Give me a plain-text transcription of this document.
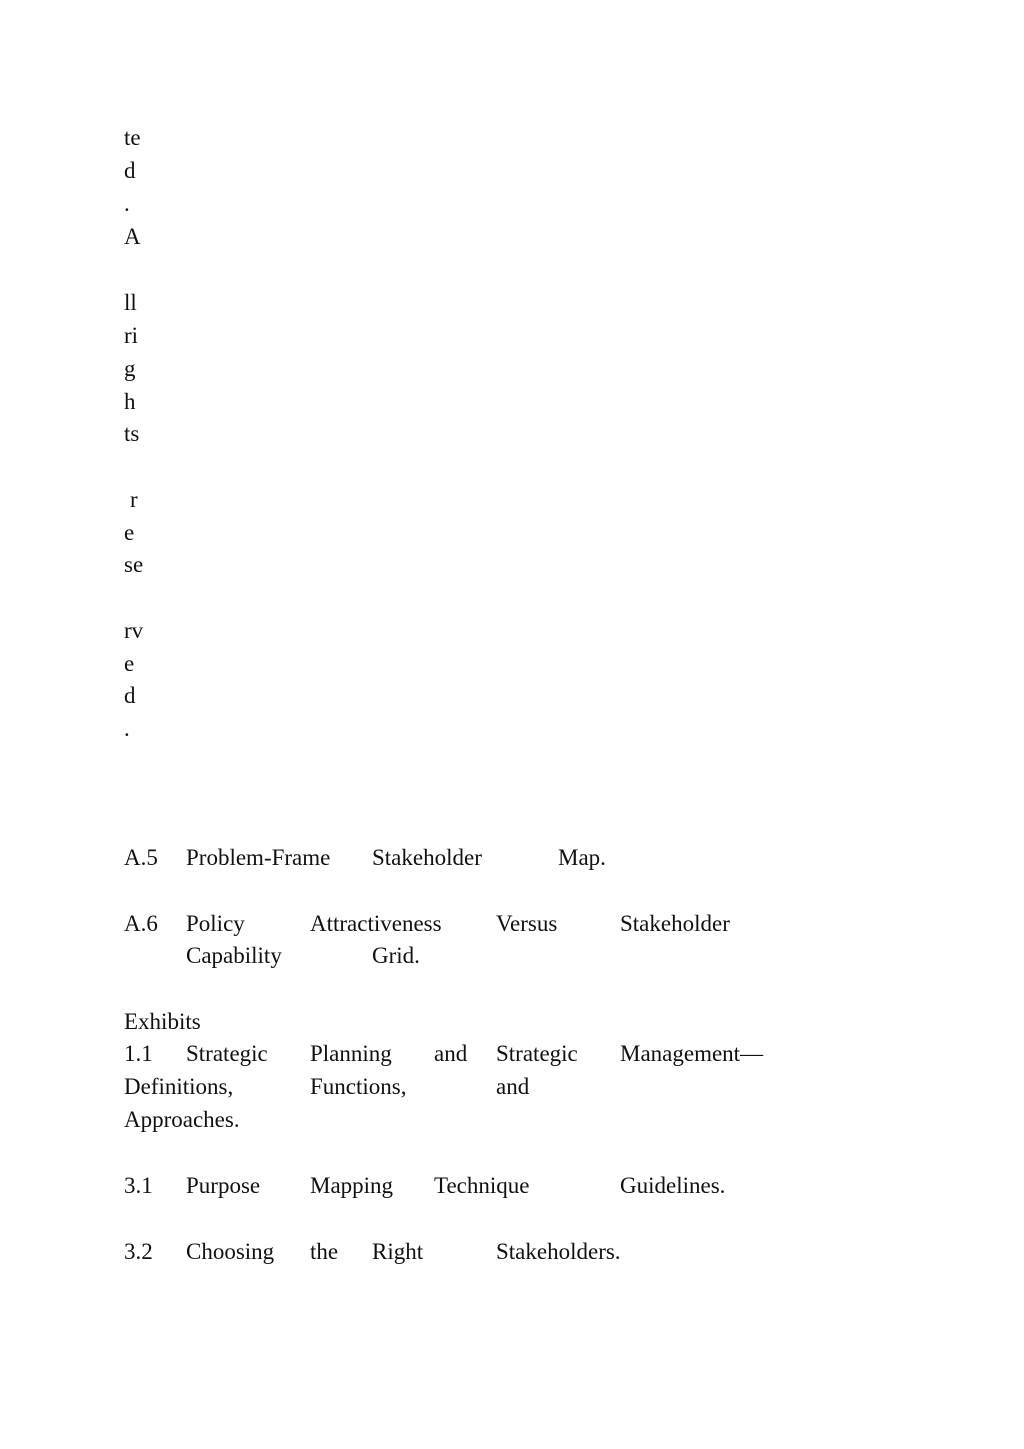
te
d
.
A
ll
ri
g
h
ts
r
e
se
rv
e
d
.
A.5 Problem-Frame Stakeholder	Map.
A.6 Policy	Attractiveness Versus	Stakeholder
Capability	Grid.
Exhibits
1.1 Strategic Planning and Strategic Management—
Definitions,	Functions,	and
Approaches.
3.1 Purpose Mapping Technique	Guidelines.
3.2 Choosing the Right	Stakeholders.
